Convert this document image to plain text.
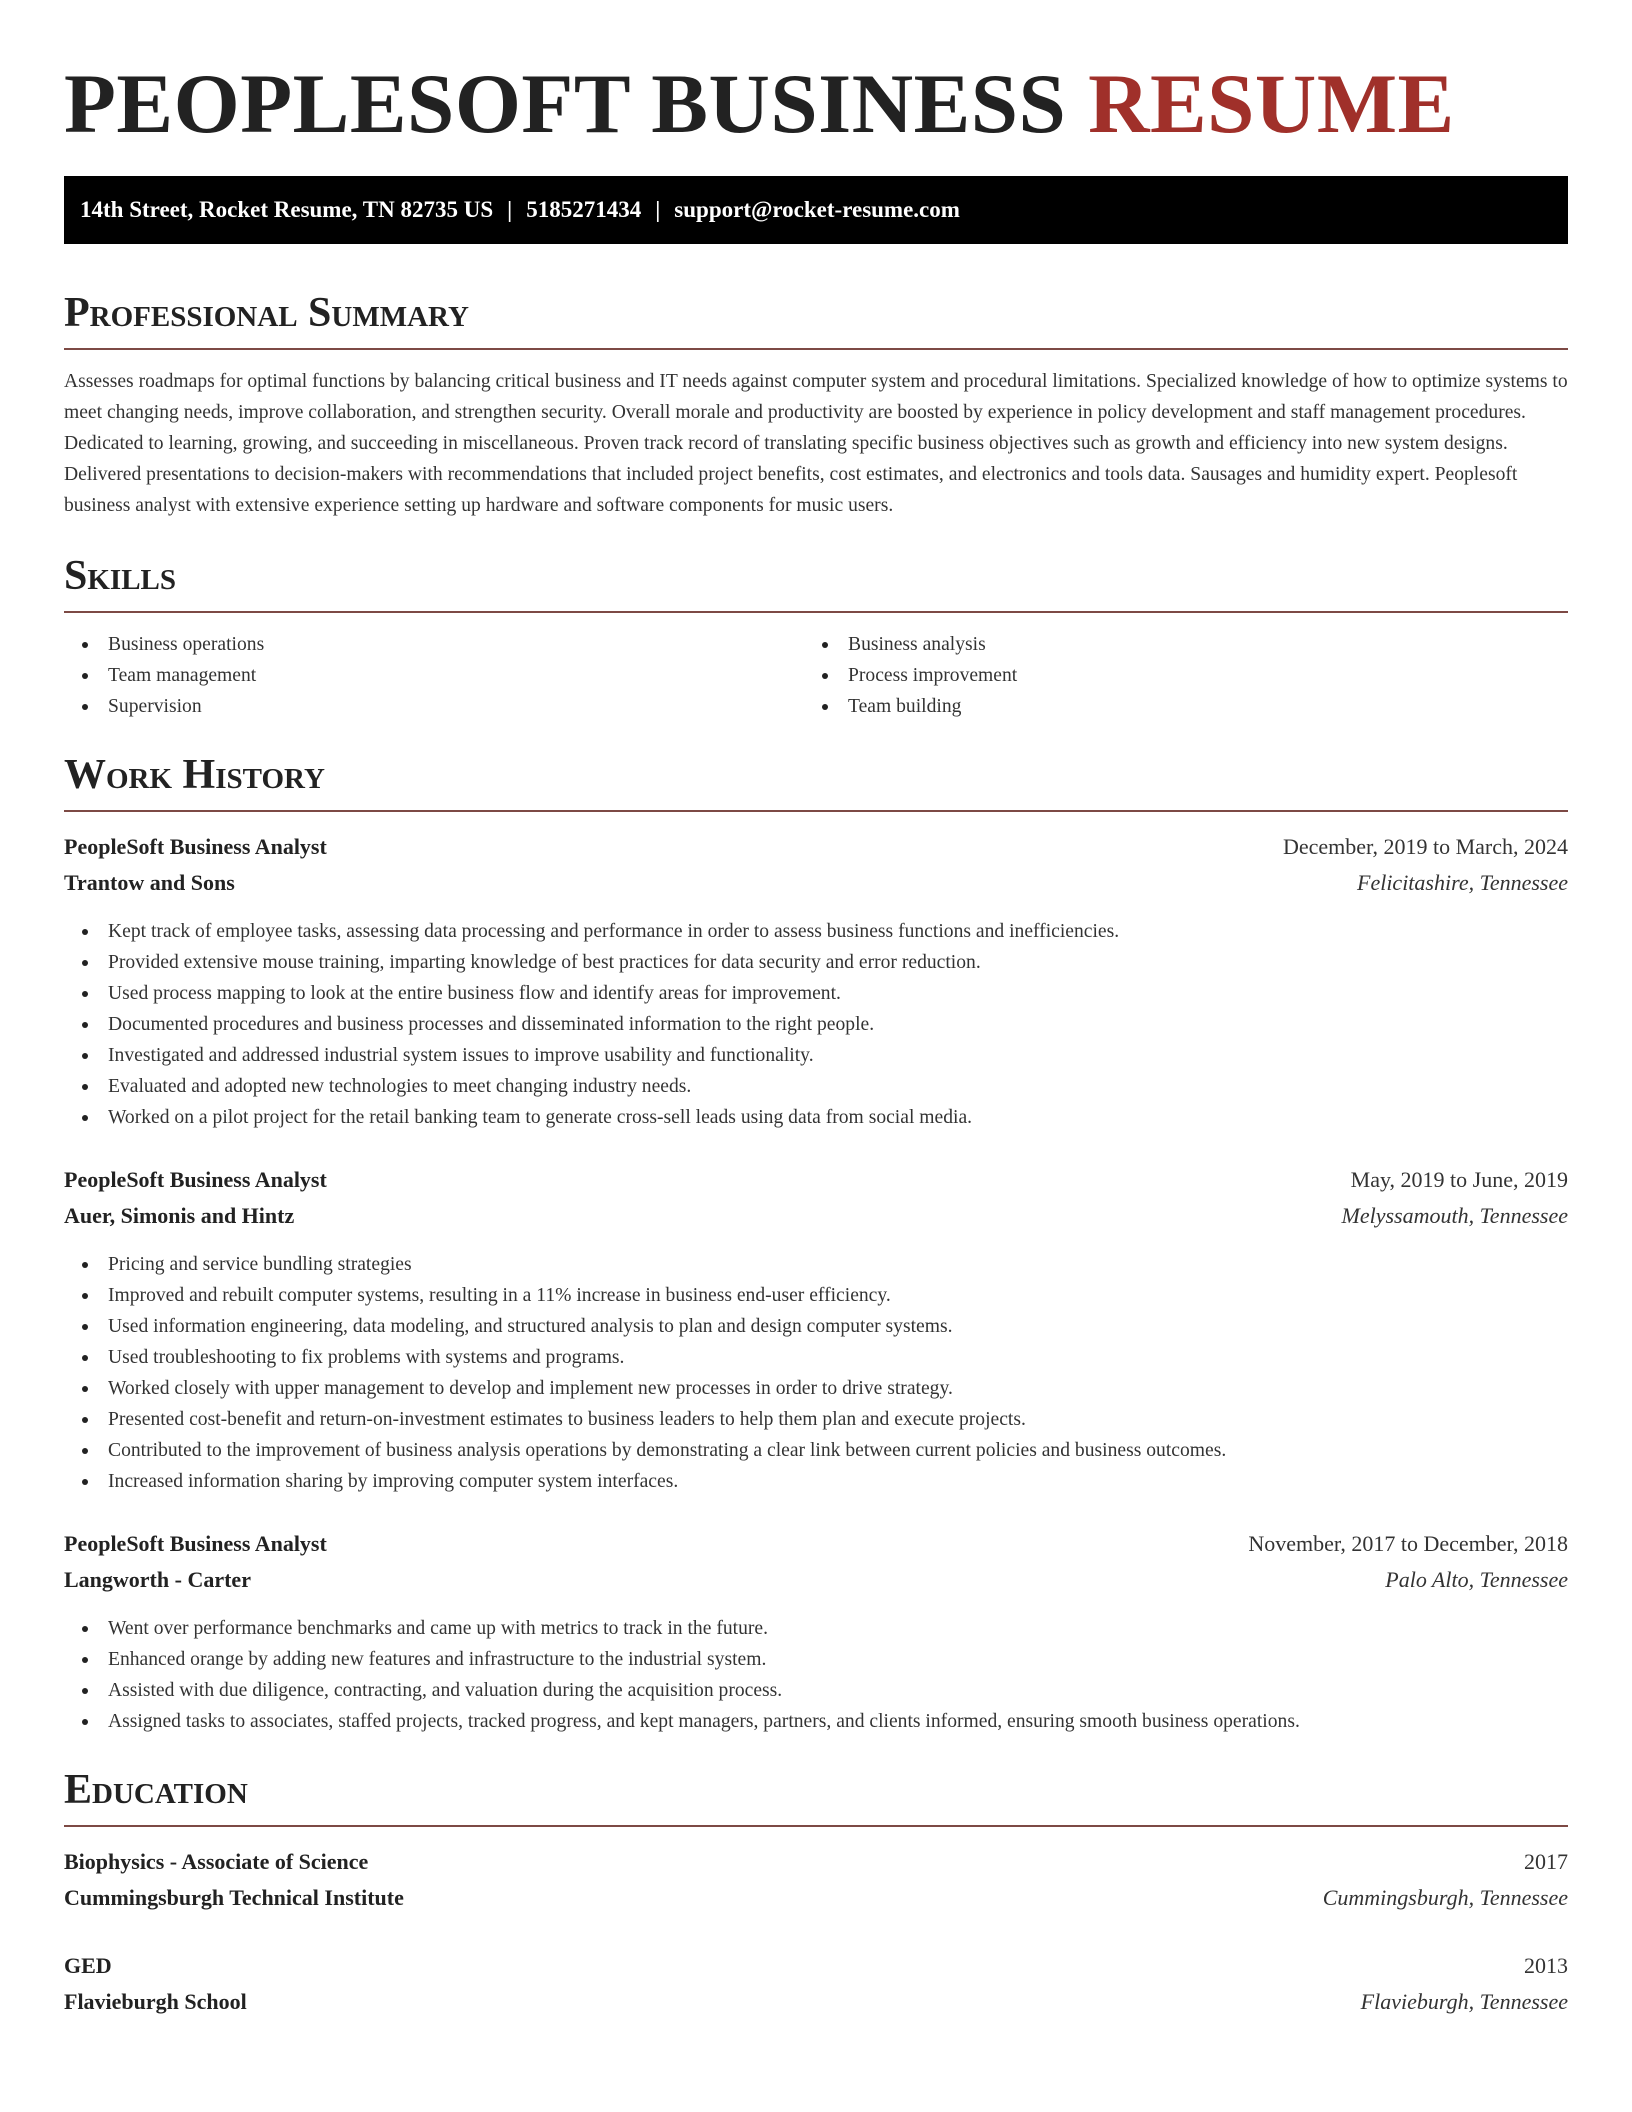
PEOPLESOFT BUSINESS RESUME
14th Street, Rocket Resume, TN 82735 US | 5185271434 | support@rocket-resume.com
Professional Summary

Assesses roadmaps for optimal functions by balancing critical business and IT needs against computer system and procedural limitations. Specialized knowledge of how to optimize systems to meet changing needs, improve collaboration, and strengthen security. Overall morale and productivity are boosted by experience in policy development and staff management procedures. Dedicated to learning, growing, and succeeding in miscellaneous. Proven track record of translating specific business objectives such as growth and efficiency into new system designs. Delivered presentations to decision-makers with recommendations that included project benefits, cost estimates, and electronics and tools data. Sausages and humidity expert. Peoplesoft business analyst with extensive experience setting up hardware and software components for music users.

Skills
Business operations
Team management
Supervision
Business analysis
Process improvement
Team building
Work History
PeopleSoft Business Analyst	December, 2019 to March, 2024
Trantow and Sons	Felicitashire, Tennessee
Kept track of employee tasks, assessing data processing and performance in order to assess business functions and inefficiencies.
Provided extensive mouse training, imparting knowledge of best practices for data security and error reduction.
Used process mapping to look at the entire business flow and identify areas for improvement.
Documented procedures and business processes and disseminated information to the right people.
Investigated and addressed industrial system issues to improve usability and functionality.
Evaluated and adopted new technologies to meet changing industry needs.
Worked on a pilot project for the retail banking team to generate cross-sell leads using data from social media.
PeopleSoft Business Analyst	May, 2019 to June, 2019
Auer, Simonis and Hintz	Melyssamouth, Tennessee
Pricing and service bundling strategies
Improved and rebuilt computer systems, resulting in a 11% increase in business end-user efficiency.
Used information engineering, data modeling, and structured analysis to plan and design computer systems.
Used troubleshooting to fix problems with systems and programs.
Worked closely with upper management to develop and implement new processes in order to drive strategy.
Presented cost-benefit and return-on-investment estimates to business leaders to help them plan and execute projects.
Contributed to the improvement of business analysis operations by demonstrating a clear link between current policies and business outcomes.
Increased information sharing by improving computer system interfaces.
PeopleSoft Business Analyst	November, 2017 to December, 2018
Langworth - Carter	Palo Alto, Tennessee
Went over performance benchmarks and came up with metrics to track in the future.
Enhanced orange by adding new features and infrastructure to the industrial system.
Assisted with due diligence, contracting, and valuation during the acquisition process.
Assigned tasks to associates, staffed projects, tracked progress, and kept managers, partners, and clients informed, ensuring smooth business operations.
Education
Biophysics - Associate of Science	2017
Cummingsburgh Technical Institute	Cummingsburgh, Tennessee
GED	2013
Flavieburgh School	Flavieburgh, Tennessee
